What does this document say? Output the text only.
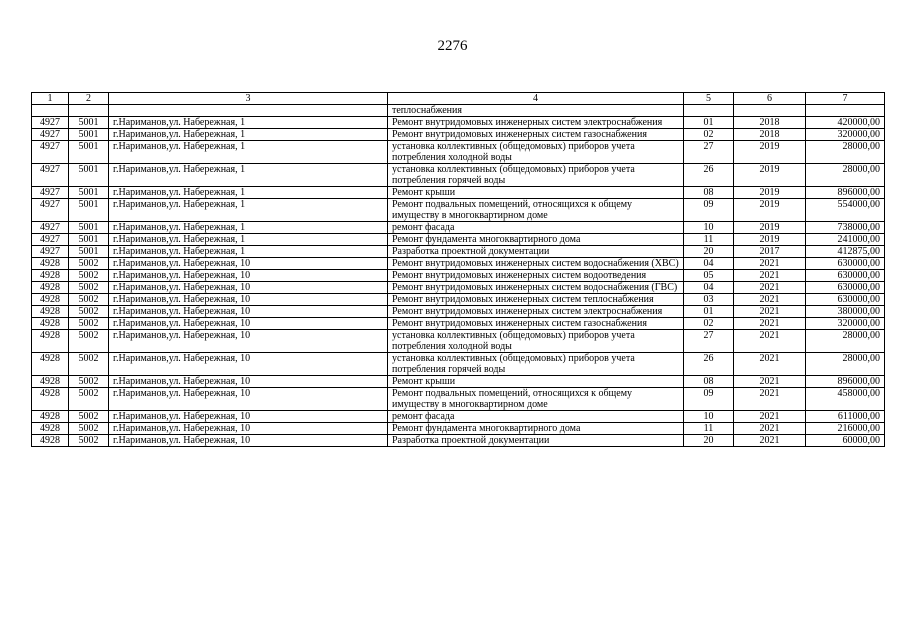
2276
1	2	3	4	5	6	7
			теплоснабжения			
4927	5001	г.Нариманов,ул. Набережная, 1	Ремонт внутридомовых инженерных систем электроснабжения	01	2018	420000,00
4927	5001	г.Нариманов,ул. Набережная, 1	Ремонт внутридомовых инженерных систем газоснабжения	02	2018	320000,00
4927	5001	г.Нариманов,ул. Набережная, 1	установка коллективных (общедомовых) приборов учета потребления холодной воды	27	2019	28000,00
4927	5001	г.Нариманов,ул. Набережная, 1	установка коллективных (общедомовых) приборов учета потребления горячей воды	26	2019	28000,00
4927	5001	г.Нариманов,ул. Набережная, 1	Ремонт крыши	08	2019	896000,00
4927	5001	г.Нариманов,ул. Набережная, 1	Ремонт подвальных помещений, относящихся к общему имуществу в многоквартирном доме	09	2019	554000,00
4927	5001	г.Нариманов,ул. Набережная, 1	ремонт фасада	10	2019	738000,00
4927	5001	г.Нариманов,ул. Набережная, 1	Ремонт фундамента многоквартирного дома	11	2019	241000,00
4927	5001	г.Нариманов,ул. Набережная, 1	Разработка проектной документации	20	2017	412875,00
4928	5002	г.Нариманов,ул. Набережная, 10	Ремонт внутридомовых инженерных систем водоснабжения (ХВС)	04	2021	630000,00
4928	5002	г.Нариманов,ул. Набережная, 10	Ремонт внутридомовых инженерных систем водоотведения	05	2021	630000,00
4928	5002	г.Нариманов,ул. Набережная, 10	Ремонт внутридомовых инженерных систем водоснабжения (ГВС)	04	2021	630000,00
4928	5002	г.Нариманов,ул. Набережная, 10	Ремонт внутридомовых инженерных систем теплоснабжения	03	2021	630000,00
4928	5002	г.Нариманов,ул. Набережная, 10	Ремонт внутридомовых инженерных систем электроснабжения	01	2021	380000,00
4928	5002	г.Нариманов,ул. Набережная, 10	Ремонт внутридомовых инженерных систем газоснабжения	02	2021	320000,00
4928	5002	г.Нариманов,ул. Набережная, 10	установка коллективных (общедомовых) приборов учета потребления холодной воды	27	2021	28000,00
4928	5002	г.Нариманов,ул. Набережная, 10	установка коллективных (общедомовых) приборов учета потребления горячей воды	26	2021	28000,00
4928	5002	г.Нариманов,ул. Набережная, 10	Ремонт крыши	08	2021	896000,00
4928	5002	г.Нариманов,ул. Набережная, 10	Ремонт подвальных помещений, относящихся к общему имуществу в многоквартирном доме	09	2021	458000,00
4928	5002	г.Нариманов,ул. Набережная, 10	ремонт фасада	10	2021	611000,00
4928	5002	г.Нариманов,ул. Набережная, 10	Ремонт фундамента многоквартирного дома	11	2021	216000,00
4928	5002	г.Нариманов,ул. Набережная, 10	Разработка проектной документации	20	2021	60000,00
